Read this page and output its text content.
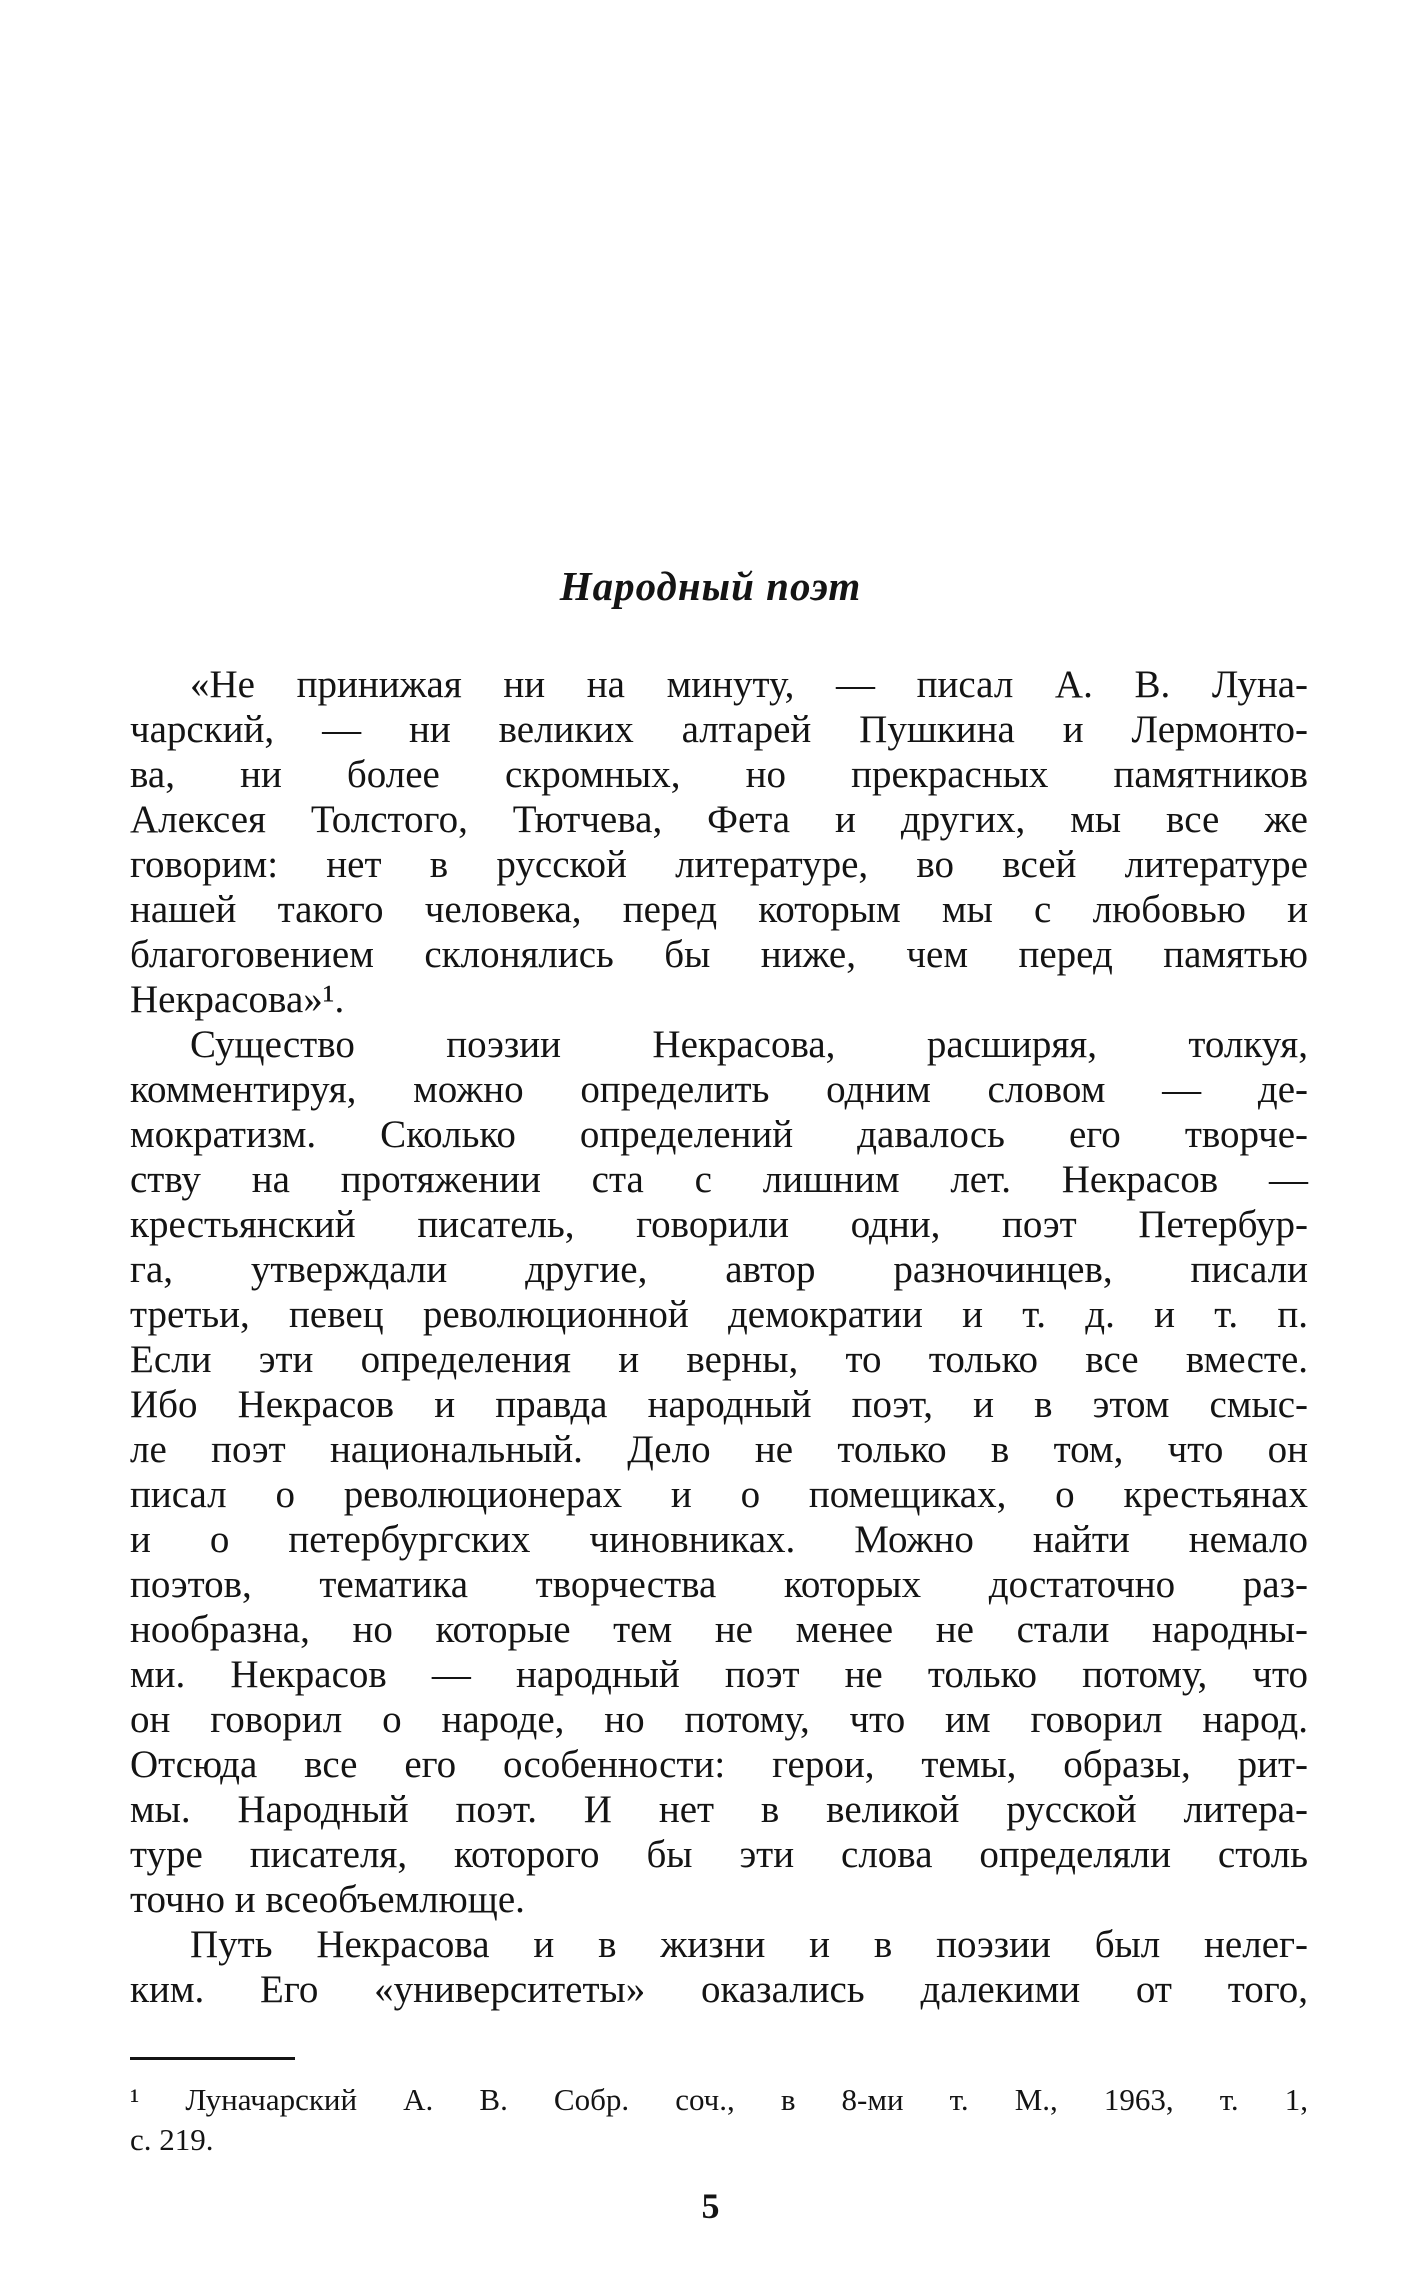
Народный поэт
«Не принижая ни на минуту, — писал А. В. Луна-
чарский, — ни великих алтарей Пушкина и Лермонто-
ва, ни более скромных, но прекрасных памятников
Алексея Толстого, Тютчева, Фета и других, мы все же
говорим: нет в русской литературе, во всей литературе
нашей такого человека, перед которым мы с любовью и
благоговением склонялись бы ниже, чем перед памятью
Некрасова»¹.
Существо поэзии Некрасова, расширяя, толкуя,
комментируя, можно определить одним словом — де-
мократизм. Сколько определений давалось его творче-
ству на протяжении ста с лишним лет. Некрасов —
крестьянский писатель, говорили одни, поэт Петербур-
га, утверждали другие, автор разночинцев, писали
третьи, певец революционной демократии и т. д. и т. п.
Если эти определения и верны, то только все вместе.
Ибо Некрасов и правда народный поэт, и в этом смыс-
ле поэт национальный. Дело не только в том, что он
писал о революционерах и о помещиках, о крестьянах
и о петербургских чиновниках. Можно найти немало
поэтов, тематика творчества которых достаточно раз-
нообразна, но которые тем не менее не стали народны-
ми. Некрасов — народный поэт не только потому, что
он говорил о народе, но потому, что им говорил народ.
Отсюда все его особенности: герои, темы, образы, рит-
мы. Народный поэт. И нет в великой русской литера-
туре писателя, которого бы эти слова определяли столь
точно и всеобъемлюще.
Путь Некрасова и в жизни и в поэзии был нелег-
ким. Его «университеты» оказались далекими от того,
¹ Луначарский А. В. Собр. соч., в 8-ми т. М., 1963, т. 1,
с. 219.
5
